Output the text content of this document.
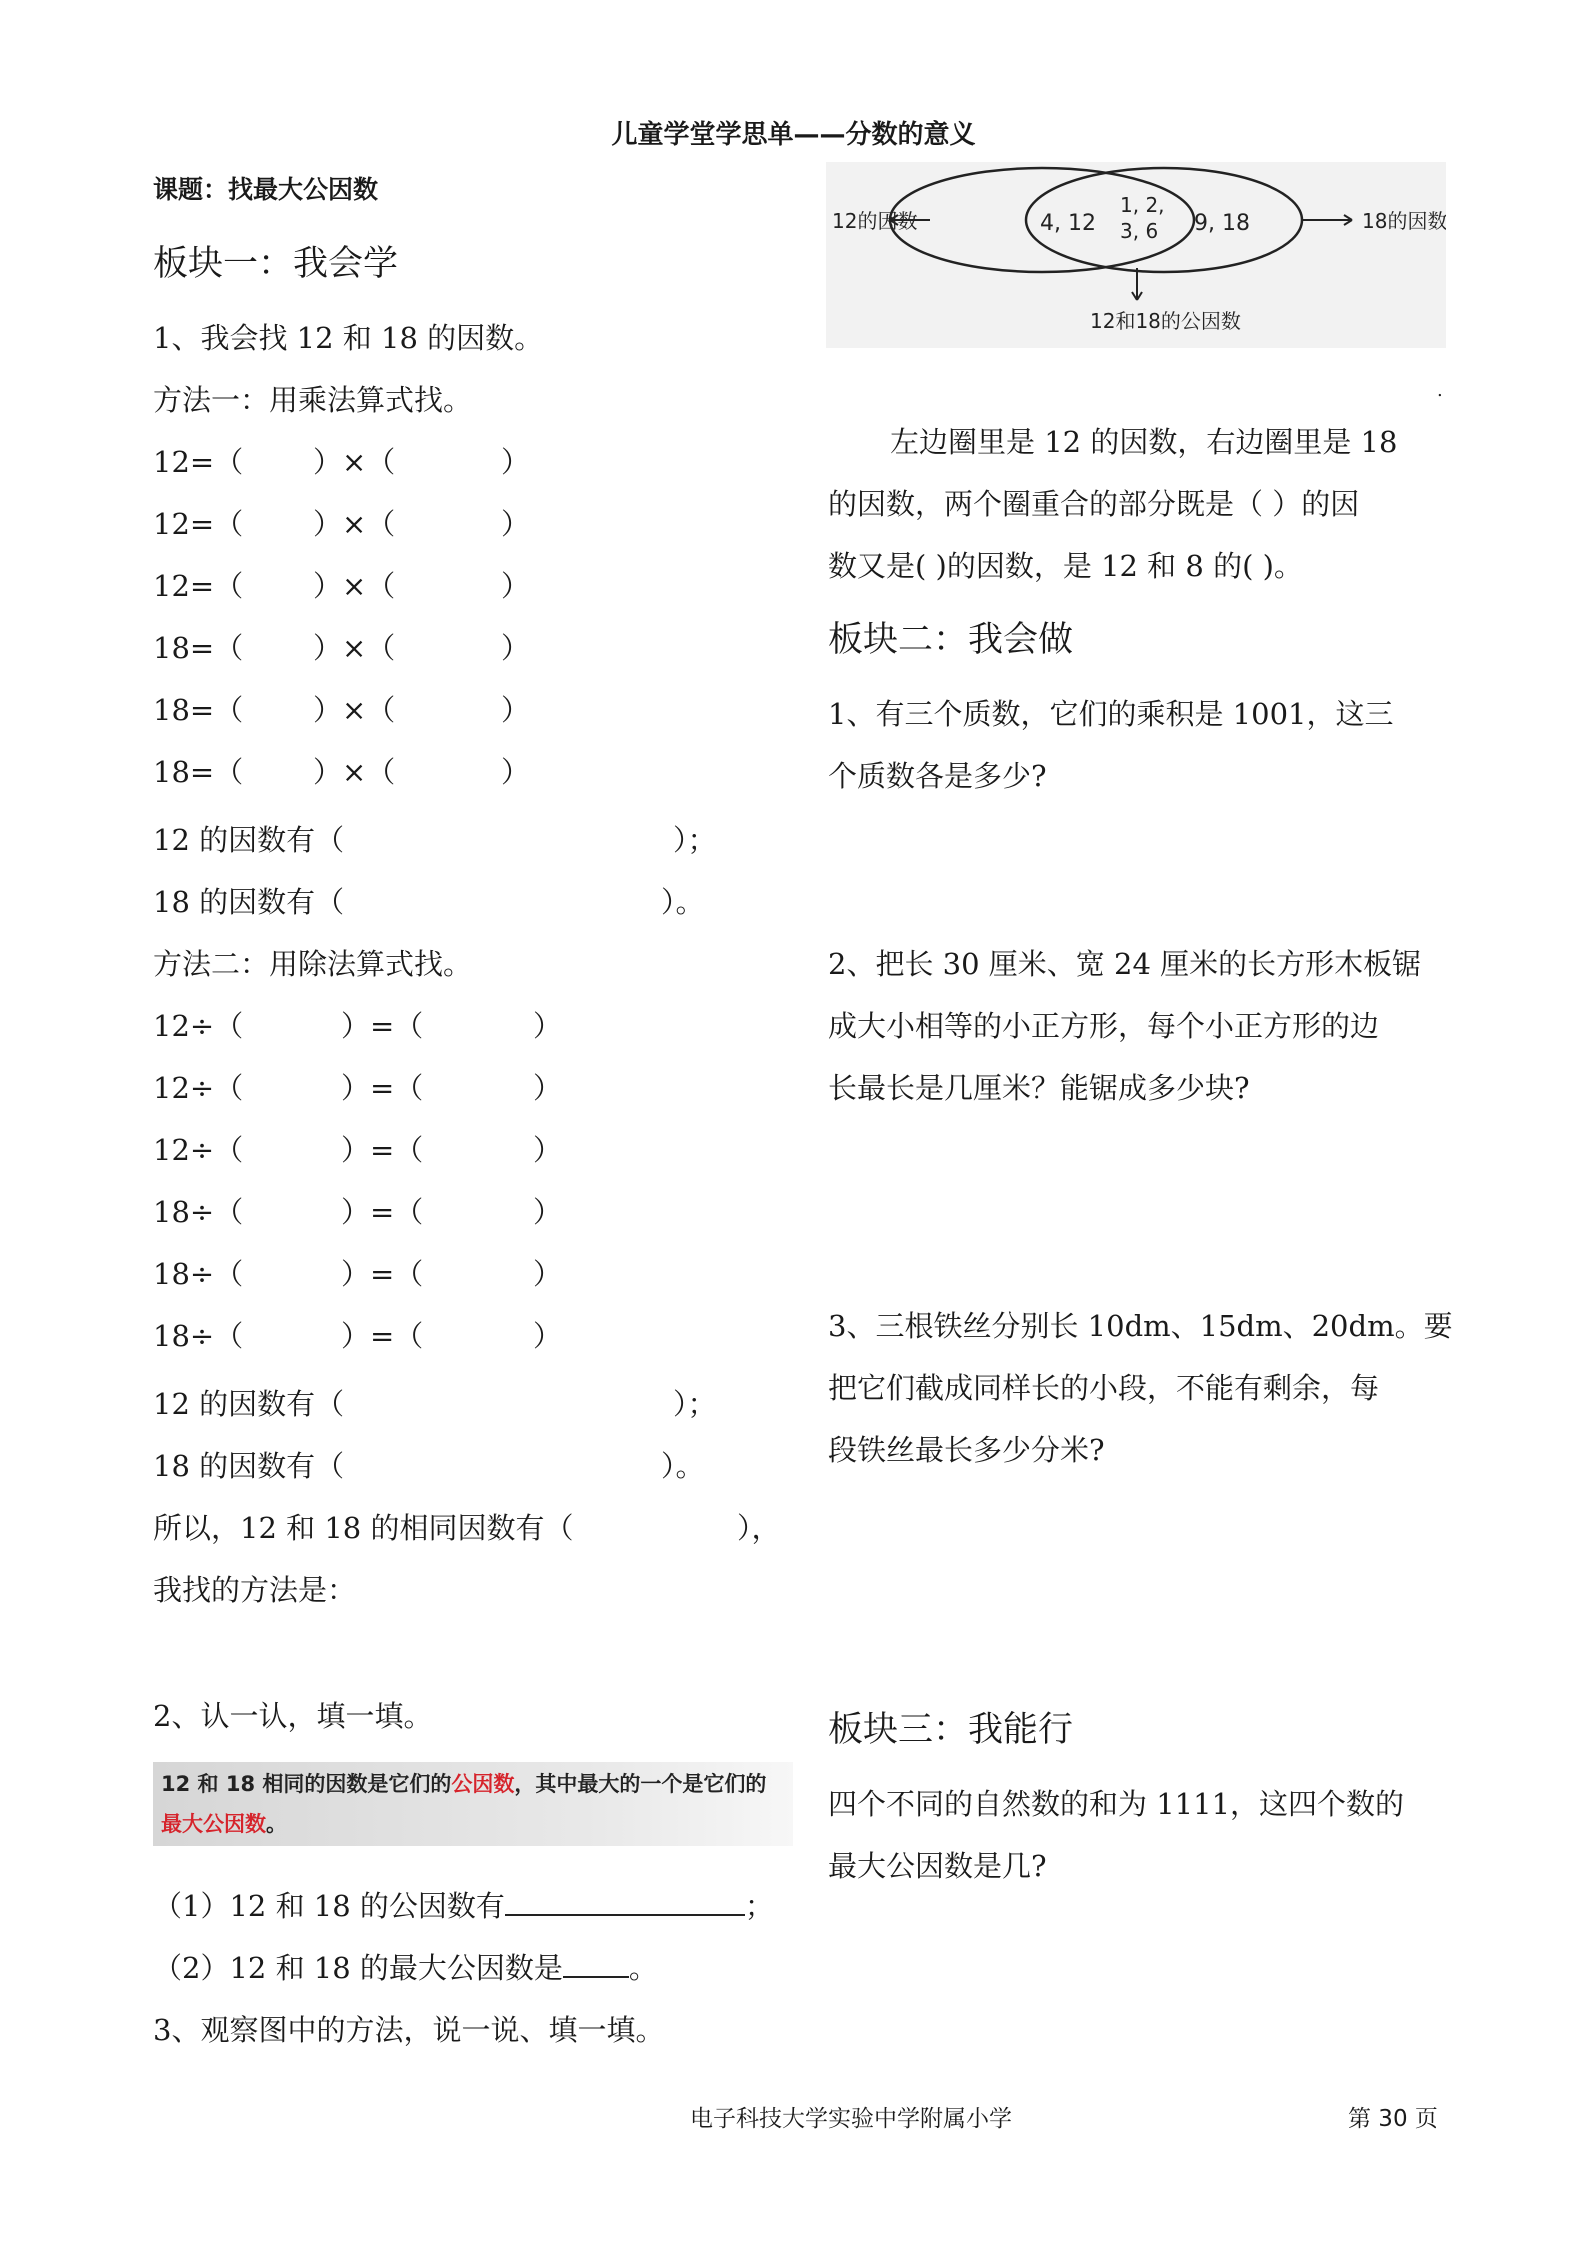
儿童学堂学思单——分数的意义
课题：找最大公因数
板块一：我会学
1、我会找 12 和 18 的因数。
方法一：用乘法算式找。
12=（ ）×（	）
12=（ ）×（	）
12=（ ）×（	）
18=（ ）×（	）
18=（ ）×（	）
18=（ ）×（	）
12 的因数有（	）；
18 的因数有（	）。
方法二：用除法算式找。
12÷（	）=（	）
12÷（	）=（	）
12÷（	）=（	）
18÷（	）=（	）
18÷（	）=（	）
18÷（	）=（	）
12 的因数有（	）；
18 的因数有（	）。
所以，12 和 18 的相同因数有（	），
我找的方法是：
2、认一认，填一填。
12 和 18 相同的因数是它们的公因数，其中最大的一个是它们的最大公因数。
（1）12 和 18 的公因数有	；
（2）12 和 18 的最大公因数是 。
3、观察图中的方法，说一说、填一填。
12的因数	18的因数
4, 12
1, 2,
3, 6 9, 18
12和18的公因数
.
左边圈里是 12 的因数，右边圈里是 18
的因数，两个圈重合的部分既是（ ）的因
数又是( )的因数，是 12 和 8 的( )。
板块二：我会做
1、有三个质数，它们的乘积是 1001，这三
个质数各是多少?
2、把长 30 厘米、宽 24 厘米的长方形木板锯
成大小相等的小正方形，每个小正方形的边
长最长是几厘米？能锯成多少块?
3、三根铁丝分别长 10dm、15dm、20dm。要
把它们截成同样长的小段，不能有剩余，每
段铁丝最长多少分米?
板块三：我能行
四个不同的自然数的和为 1111，这四个数的
最大公因数是几?
电子科技大学实验中学附属小学	第 30 页
